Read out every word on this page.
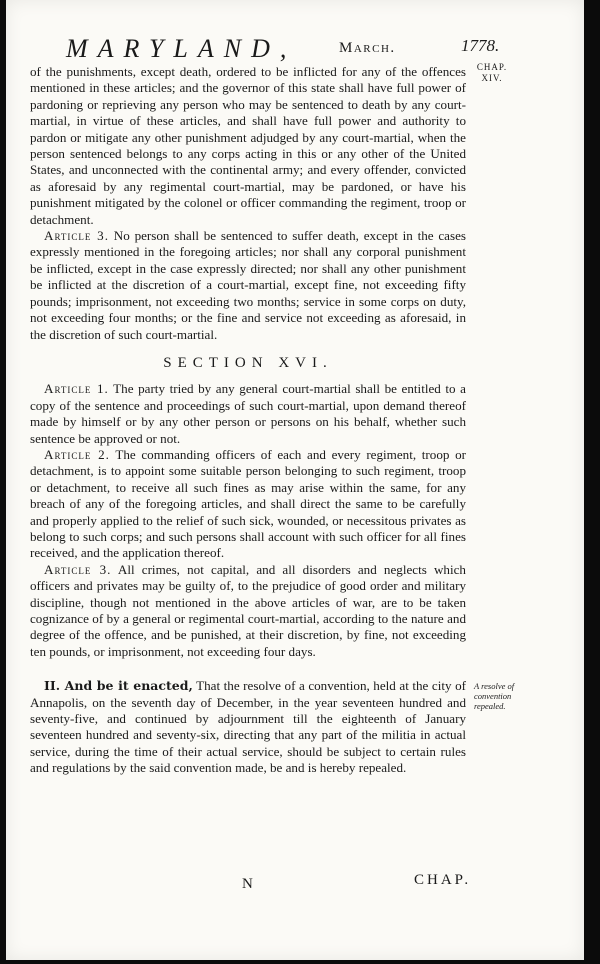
MARYLAND,	March.	1778.
CHAP.
XIV.

of the punishments, except death, ordered to be inflicted for any of the offences mentioned in these articles; and the governor of this state shall have full power of pardoning or reprieving any person who may be sentenced to death by any court-martial, in virtue of these articles, and shall have full power and authority to pardon or mitigate any other punishment adjudged by any court-martial, when the person sentenced belongs to any corps acting in this or any other of the United States, and unconnected with the continental army; and every offender, convicted as aforesaid by any regimental court-martial, may be pardoned, or have his punishment mitigated by the colonel or officer commanding the regiment, troop or detachment.

Article 3. No person shall be sentenced to suffer death, except in the cases expressly mentioned in the foregoing articles; nor shall any corporal punishment be inflicted, except in the case expressly directed; nor shall any other punishment be inflicted at the discretion of a court-martial, except fine, not exceeding fifty pounds; imprisonment, not exceeding two months; service in some corps on duty, not exceeding four months; or the fine and service not exceeding as aforesaid, in the discretion of such court-martial.

SECTION XVI.

Article 1. The party tried by any general court-martial shall be entitled to a copy of the sentence and proceedings of such court-martial, upon demand thereof made by himself or by any other person or persons on his behalf, whether such sentence be approved or not.

Article 2. The commanding officers of each and every regiment, troop or detachment, is to appoint some suitable person belonging to such regiment, troop or detachment, to receive all such fines as may arise within the same, for any breach of any of the foregoing articles, and shall direct the same to be carefully and properly applied to the relief of such sick, wounded, or necessitous privates as belong to such corps; and such persons shall account with such officer for all fines received, and the application thereof.

Article 3. All crimes, not capital, and all disorders and neglects which officers and privates may be guilty of, to the prejudice of good order and military discipline, though not mentioned in the above articles of war, are to be taken cognizance of by a general or regimental court-martial, according to the nature and degree of the offence, and be punished, at their discretion, by fine, not exceeding ten pounds, or imprisonment, not exceeding four days.

II. And be it enacted, That the resolve of a convention, held at the city of Annapolis, on the seventh day of December, in the year seventeen hundred and seventy-five, and continued by adjournment till the eighteenth of January seventeen hundred and seventy-six, directing that any part of the militia in actual service, during the time of their actual service, should be subject to certain rules and regulations by the said convention made, be and is hereby repealed.

A resolve of convention repealed.
N	CHAP.
